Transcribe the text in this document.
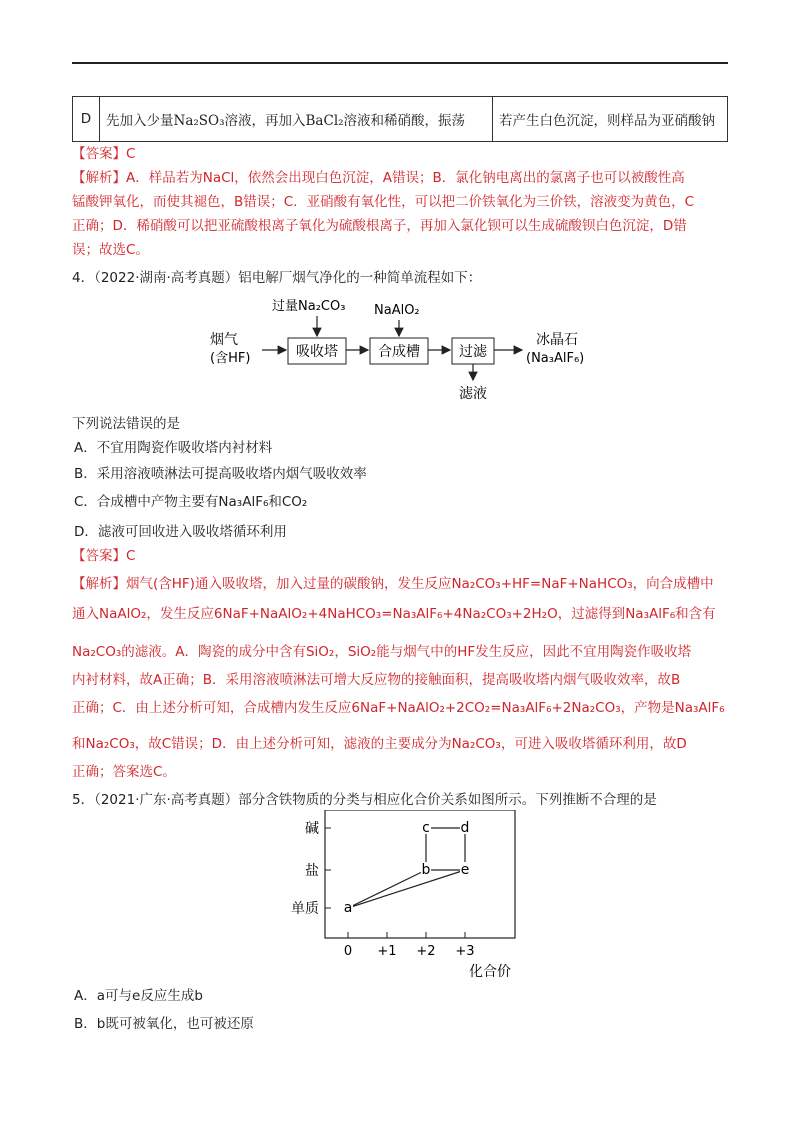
D	先加入少量Na₂SO₃溶液，再加入BaCl₂溶液和稀硝酸，振荡	若产生白色沉淀，则样品为亚硝酸钠
【答案】C
【解析】A．样品若为NaCl，依然会出现白色沉淀，A错误；B．氯化钠电离出的氯离子也可以被酸性高
锰酸钾氧化，而使其褪色，B错误；C．亚硝酸有氧化性，可以把二价铁氧化为三价铁，溶液变为黄色，C
正确；D．稀硝酸可以把亚硫酸根离子氧化为硫酸根离子，再加入氯化钡可以生成硫酸钡白色沉淀，D错
误；故选C。
4．（2022·湖南·高考真题）铝电解厂烟气净化的一种简单流程如下：
烟气
(含HF)	吸收塔
过量Na₂CO₃
合成槽
NaAlO₂
过滤
滤液
冰晶石
(Na₃AlF₆)
下列说法错误的是
A．不宜用陶瓷作吸收塔内衬材料
B．采用溶液喷淋法可提高吸收塔内烟气吸收效率
C．合成槽中产物主要有Na₃AlF₆和CO₂
D．滤液可回收进入吸收塔循环利用
【答案】C
【解析】烟气(含HF)通入吸收塔，加入过量的碳酸钠，发生反应Na₂CO₃+HF=NaF+NaHCO₃，向合成槽中
通入NaAlO₂，发生反应6NaF+NaAlO₂+4NaHCO₃=Na₃AlF₆+4Na₂CO₃+2H₂O，过滤得到Na₃AlF₆和含有
Na₂CO₃的滤液。A．陶瓷的成分中含有SiO₂，SiO₂能与烟气中的HF发生反应，因此不宜用陶瓷作吸收塔
内衬材料，故A正确；B．采用溶液喷淋法可增大反应物的接触面积，提高吸收塔内烟气吸收效率，故B
正确；C．由上述分析可知，合成槽内发生反应6NaF+NaAlO₂+2CO₂=Na₃AlF₆+2Na₂CO₃，产物是Na₃AlF₆
和Na₂CO₃，故C错误；D．由上述分析可知，滤液的主要成分为Na₂CO₃，可进入吸收塔循环利用，故D
正确；答案选C。
5．（2021·广东·高考真题）部分含铁物质的分类与相应化合价关系如图所示。下列推断不合理的是
单质
盐
碱
0 +1 +2 +3
化合价
a
b e
c d
A．a可与e反应生成b
B．b既可被氧化，也可被还原
